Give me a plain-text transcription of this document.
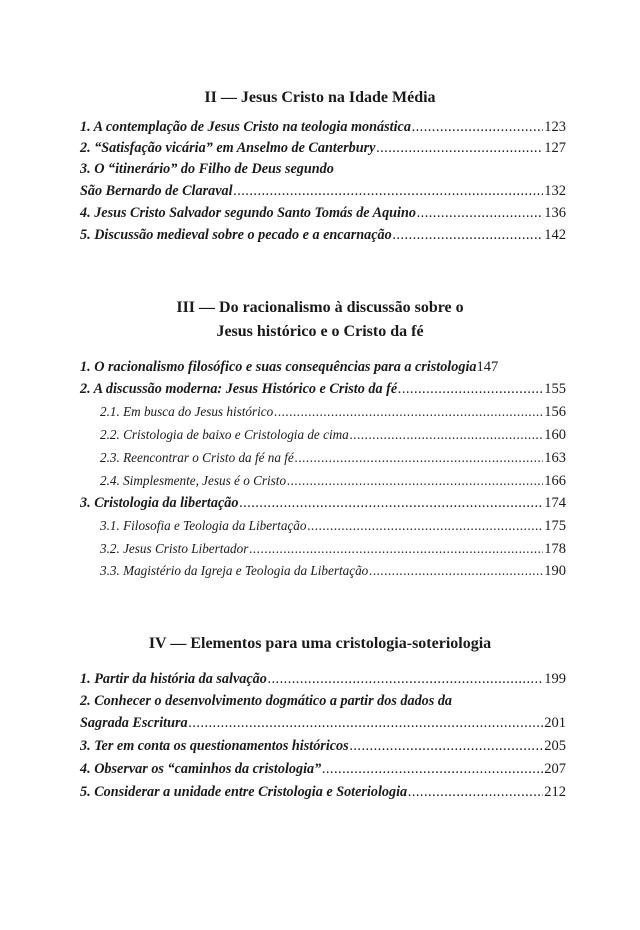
II — Jesus Cristo na Idade Média
1. A contemplação de Jesus Cristo na teologia monástica .....	123
2. “Satisfação vicária” em Anselmo de Canterbury .....	127
3. O “itinerário” do Filho de Deus segundo
São Bernardo de Claraval .....	132
4. Jesus Cristo Salvador segundo Santo Tomás de Aquino .....	136
5. Discussão medieval sobre o pecado e a encarnação .....	142
III — Do racionalismo à discussão sobre o
Jesus histórico e o Cristo da fé
1. O racionalismo filosófico e suas consequências para a cristologia 147
2. A discussão moderna: Jesus Histórico e Cristo da fé .....	155
2.1. Em busca do Jesus histórico .....	156
2.2. Cristologia de baixo e Cristologia de cima .....	160
2.3. Reencontrar o Cristo da fé na fé .....	163
2.4. Simplesmente, Jesus é o Cristo .....	166
3. Cristologia da libertação .....	174
3.1. Filosofia e Teologia da Libertação .....	175
3.2. Jesus Cristo Libertador .....	178
3.3. Magistério da Igreja e Teologia da Libertação .....	190
IV — Elementos para uma cristologia-soteriologia
1. Partir da história da salvação .....	199
2. Conhecer o desenvolvimento dogmático a partir dos dados da
Sagrada Escritura .....	201
3. Ter em conta os questionamentos históricos .....	205
4. Observar os “caminhos da cristologia” .....	207
5. Considerar a unidade entre Cristologia e Soteriologia .....	212
